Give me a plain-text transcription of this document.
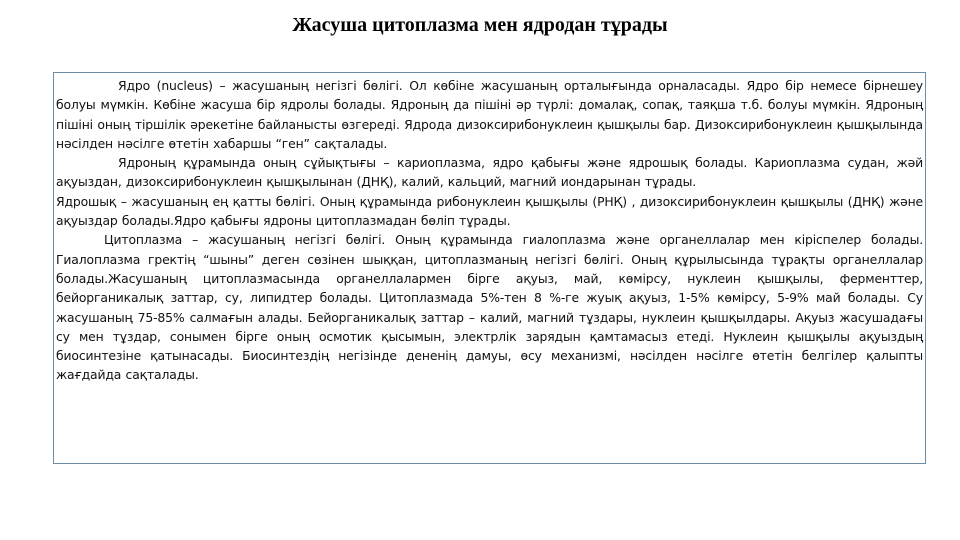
Жасуша цитоплазма мен ядродан тұрады

Ядро (nucleus) – жасушаның негізгі бөлігі. Ол көбіне жасушаның орталығында орналасады. Ядро бір немесе бірнешеу болуы мүмкін. Көбіне жасуша бір ядролы болады. Ядроның да пішіні әр түрлі: домалақ, сопақ, таяқша т.б. болуы мүмкін. Ядроның пішіні оның тіршілік әрекетіне байланысты өзгереді. Ядрода дизоксирибонуклеин қышқылы бар. Дизоксирибонуклеин қышқылында нәсілден нәсілге өтетін хабаршы “ген” сақталады.

Ядроның құрамында оның сұйықтығы – кариоплазма, ядро қабығы және ядрошық болады. Кариоплазма судан, жәй ақуыздан, дизоксирибонуклеин қышқылынан (ДНҚ), калий, кальций, магний иондарынан тұрады.

Ядрошық – жасушаның ең қатты бөлігі. Оның құрамында рибонуклеин қышқылы (РНҚ) , дизоксирибонуклеин қышқылы (ДНҚ) және ақуыздар болады.Ядро қабығы ядроны цитоплазмадан бөліп тұрады.

Цитоплазма – жасушаның негізгі бөлігі. Оның құрамында гиалоплазма және органеллалар мен кіріспелер болады. Гиалоплазма гректің “шыны” деген сөзінен шыққан, цитоплазманың негізгі бөлігі. Оның құрылысында тұрақты органеллалар болады.Жасушаның цитоплазмасында органеллалармен бірге ақуыз, май, көмірсу, нуклеин қышқылы, ферменттер, бейорганикалық заттар, су, липидтер болады. Цитоплазмада 5%-тен 8 %-ге жуық ақуыз, 1-5% көмірсу, 5-9% май болады. Су жасушаның 75-85% салмағын алады. Бейорганикалық заттар – калий, магний тұздары, нуклеин қышқылдары. Ақуыз жасушадағы су мен тұздар, сонымен бірге оның осмотик қысымын, электрлік зарядын қамтамасыз етеді. Нуклеин қышқылы ақуыздың биосинтезіне қатынасады. Биосинтездің негізінде дененің дамуы, өсу механизмі, нәсілден нәсілге өтетін белгілер қалыпты жағдайда сақталады.
